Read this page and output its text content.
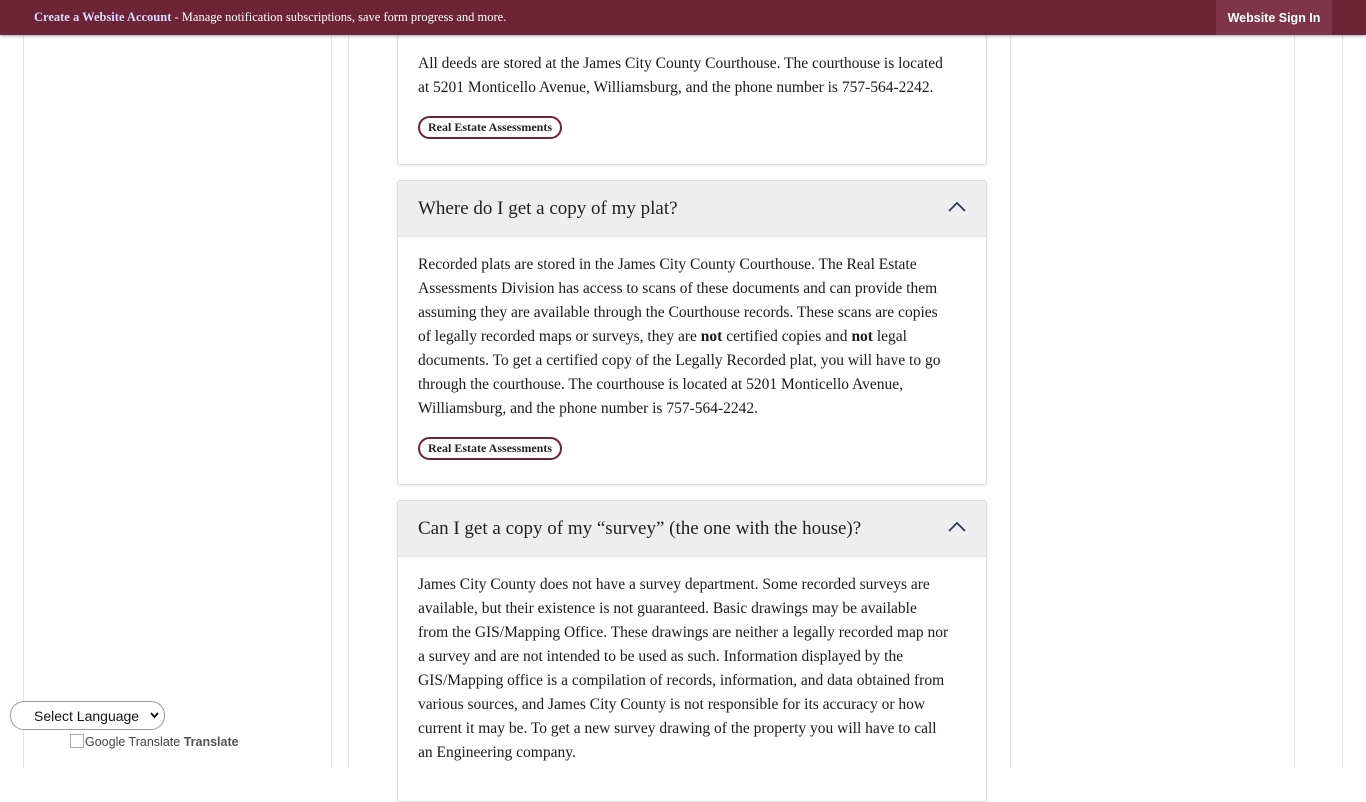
Create a Website Account - Manage notification subscriptions, save form progress and more.	Website Sign In

All deeds are stored at the James City County Courthouse. The courthouse is located

at 5201 Monticello Avenue, Williamsburg, and the phone number is 757-564-2242.

Real Estate Assessments
Where do I get a copy of my plat?

Recorded plats are stored in the James City County Courthouse. The Real Estate

Assessments Division has access to scans of these documents and can provide them

assuming they are available through the Courthouse records. These scans are copies

of legally recorded maps or surveys, they are not certified copies and not legal

documents. To get a certified copy of the Legally Recorded plat, you will have to go

through the courthouse. The courthouse is located at 5201 Monticello Avenue,

Williamsburg, and the phone number is 757-564-2242.

Real Estate Assessments
Can I get a copy of my “survey” (the one with the house)?

James City County does not have a survey department. Some recorded surveys are

available, but their existence is not guaranteed. Basic drawings may be available

from the GIS/Mapping Office. These drawings are neither a legally recorded map nor

a survey and are not intended to be used as such. Information displayed by the

GIS/Mapping office is a compilation of records, information, and data obtained from

various sources, and James City County is not responsible for its accuracy or how

current it may be. To get a new survey drawing of the property you will have to call

an Engineering company.

Select Language
Google Translate Translate
